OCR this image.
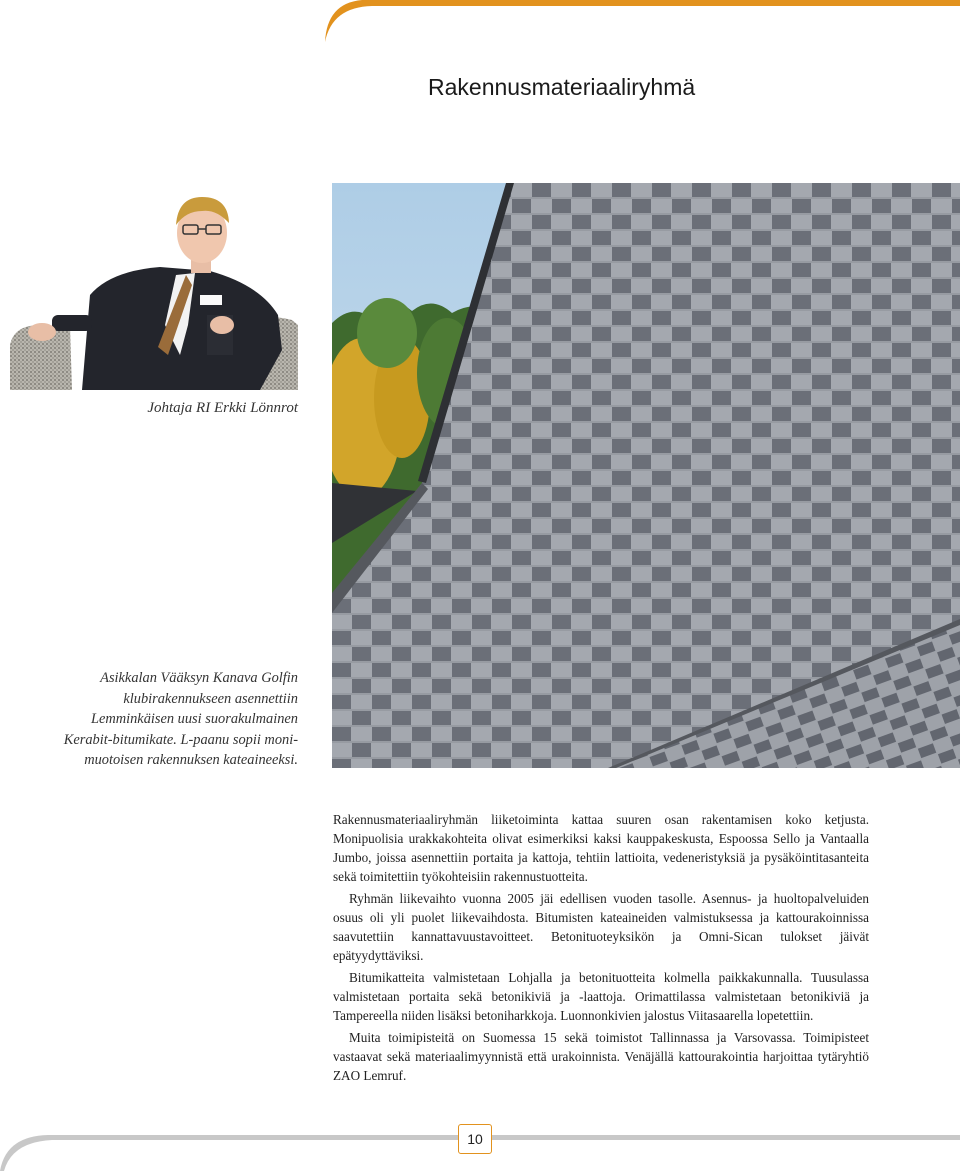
Rakennusmateriaaliryhmä
Johtaja RI Erkki Lönnrot
Asikkalan Vääksyn Kanava Golfin
klubirakennukseen asennettiin
Lemminkäisen uusi suorakulmainen
Kerabit-bitumikate. L-paanu sopii moni-
muotoisen rakennuksen kateaineeksi.

Rakennusmateriaaliryhmän liiketoiminta kattaa suuren osan rakentamisen koko ketjusta. Monipuolisia urakkakohteita olivat esimerkiksi kaksi kauppakeskusta, Espoossa Sello ja Vantaalla Jumbo, joissa asennettiin portaita ja kattoja, tehtiin lattioita, vedeneristyksiä ja pysäköintitasanteita sekä toimitettiin työkohteisiin rakennustuotteita.

Ryhmän liikevaihto vuonna 2005 jäi edellisen vuoden tasolle. Asennus- ja huoltopalveluiden osuus oli yli puolet liikevaihdosta. Bitumisten kateaineiden valmistuksessa ja kattourakoinnissa saavutettiin kannattavuustavoitteet. Betonituoteyksikön ja Omni-Sican tulokset jäivät epätyydyttäviksi.

Bitumikatteita valmistetaan Lohjalla ja betonituotteita kolmella paikkakunnalla. Tuusulassa valmistetaan portaita sekä betonikiviä ja -laattoja. Orimattilassa valmistetaan betonikiviä ja Tampereella niiden lisäksi betoniharkkoja. Luonnonkivien jalostus Viitasaarella lopetettiin.

Muita toimipisteitä on Suomessa 15 sekä toimistot Tallinnassa ja Varsovassa. Toimipisteet vastaavat sekä materiaalimyynnistä että urakoinnista. Venäjällä kattourakointia harjoittaa tytäryhtiö ZAO Lemruf.

10
